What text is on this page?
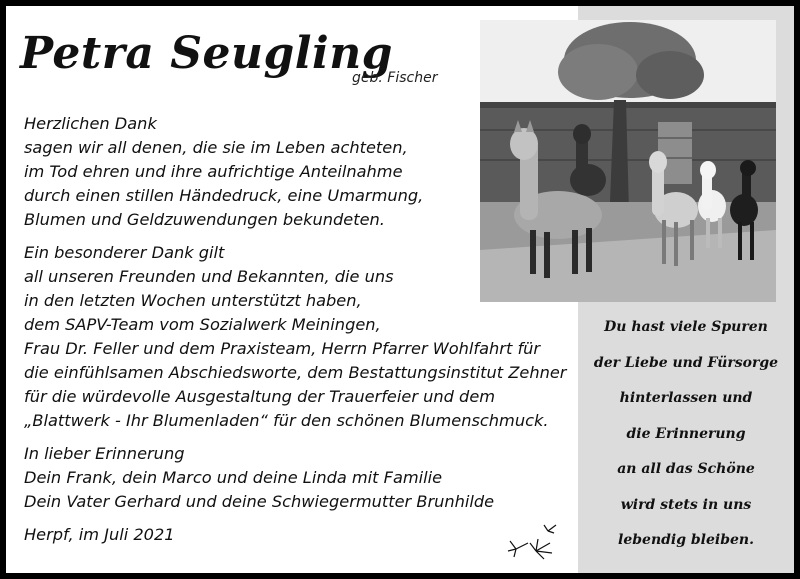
Petra Seugling
geb. Fischer
Herzlichen Dank
sagen wir all denen, die sie im Leben achteten,
im Tod ehren und ihre aufrichtige Anteilnahme
durch einen stillen Händedruck, eine Umarmung,
Blumen und Geldzuwendungen bekundeten.
Ein besonderer Dank gilt
all unseren Freunden und Bekannten, die uns
in den letzten Wochen unterstützt haben,
dem SAPV-Team vom Sozialwerk Meiningen,
Frau Dr. Feller und dem Praxisteam, Herrn Pfarrer Wohlfahrt für
die einfühlsamen Abschiedsworte, dem Bestattungsinstitut Zehner
für die würdevolle Ausgestaltung der Trauerfeier und dem
„Blattwerk - Ihr Blumenladen“ für den schönen Blumenschmuck.
In lieber Erinnerung
Dein Frank, dein Marco und deine Linda mit Familie
Dein Vater Gerhard und deine Schwiegermutter Brunhilde
Herpf, im Juli 2021
Du hast viele Spuren
der Liebe und Fürsorge
hinterlassen und
die Erinnerung
an all das Schöne
wird stets in uns
lebendig bleiben.
